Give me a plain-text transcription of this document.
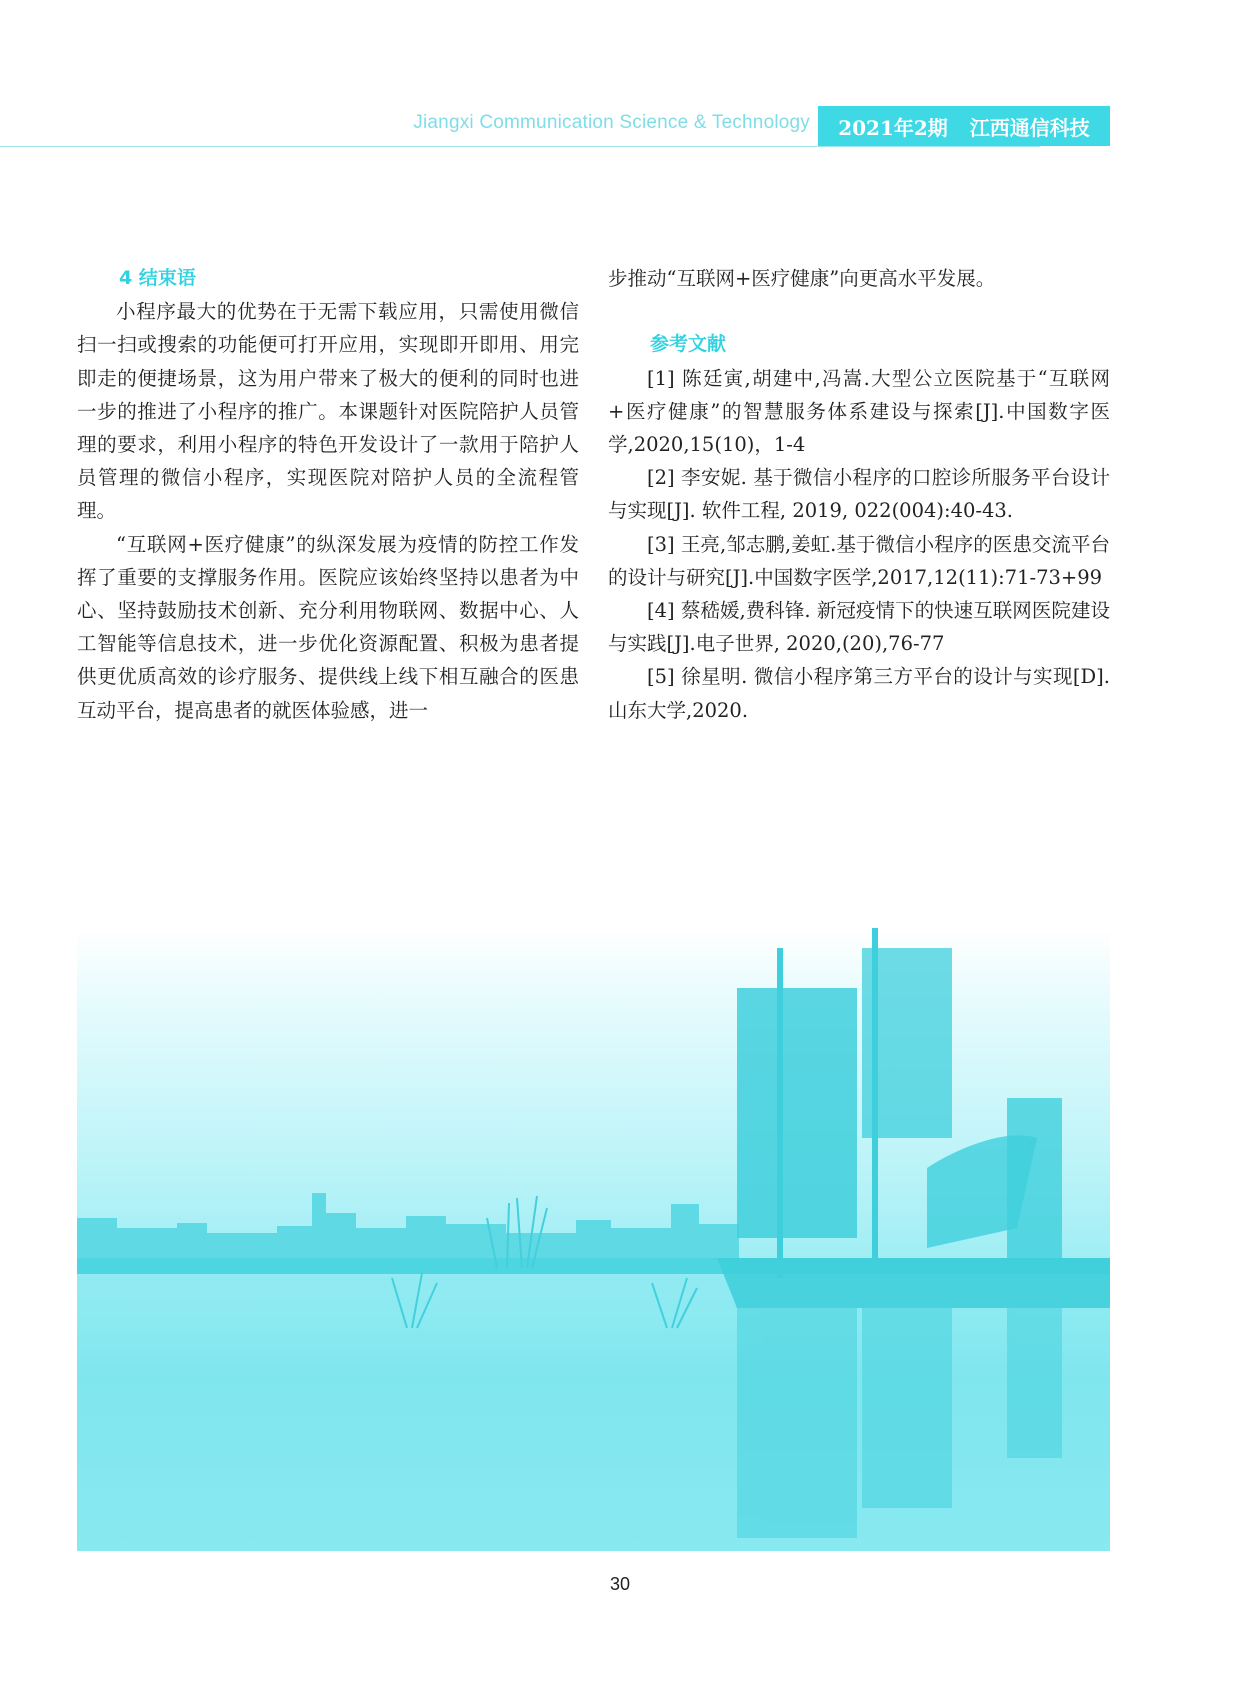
Jiangxi Communication Science & Technology 2021年2期 江西通信科技
4 结束语

小程序最大的优势在于无需下载应用，只需使用微信扫一扫或搜索的功能便可打开应用，实现即开即用、用完即走的便捷场景，这为用户带来了极大的便利的同时也进一步的推进了小程序的推广。本课题针对医院陪护人员管理的要求，利用小程序的特色开发设计了一款用于陪护人员管理的微信小程序，实现医院对陪护人员的全流程管理。

“互联网+医疗健康”的纵深发展为疫情的防控工作发挥了重要的支撑服务作用。医院应该始终坚持以患者为中心、坚持鼓励技术创新、充分利用物联网、数据中心、人工智能等信息技术，进一步优化资源配置、积极为患者提供更优质高效的诊疗服务、提供线上线下相互融合的医患互动平台，提高患者的就医体验感，进一

步推动“互联网+医疗健康”向更高水平发展。

参考文献

[1] 陈廷寅,胡建中,冯嵩.大型公立医院基于“互联网+医疗健康”的智慧服务体系建设与探索[J].中国数字医学,2020,15(10)，1-4

[2] 李安妮. 基于微信小程序的口腔诊所服务平台设计与实现[J]. 软件工程, 2019, 022(004):40-43.

[3] 王亮,邹志鹏,姜虹.基于微信小程序的医患交流平台的设计与研究[J].中国数字医学,2017,12(11):71-73+99

[4] 蔡嵇媛,费科锋. 新冠疫情下的快速互联网医院建设与实践[J].电子世界, 2020,(20),76-77

[5] 徐星明. 微信小程序第三方平台的设计与实现[D].山东大学,2020.

30
